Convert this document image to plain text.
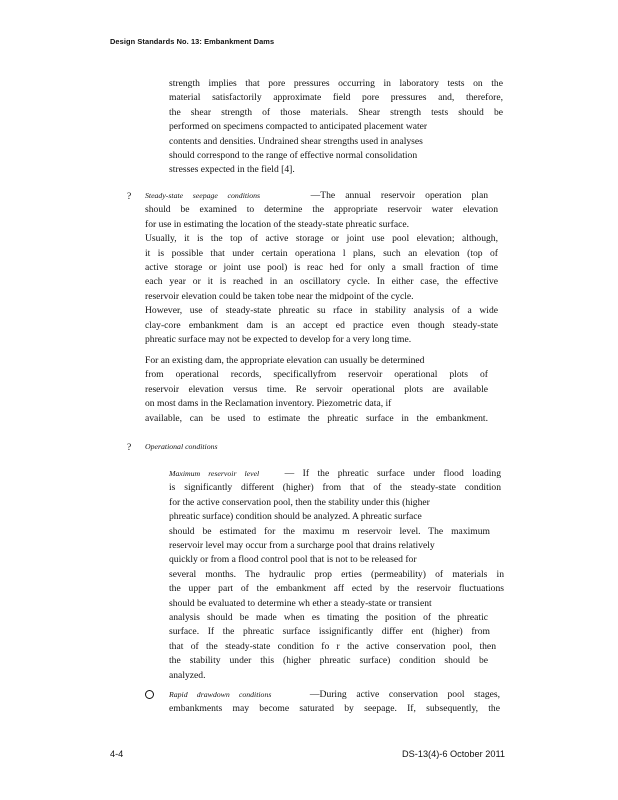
Design Standards No. 13: Embankment Dams
strength implies that pore pressures occurring in laboratory tests on the
material satisfactorily approximate field pore pressures and, therefore,
the shear strength of those materials. Shear strength tests should be
performed on specimens compacted to anticipated placement water
contents and densities. Undrained shear strengths used in analyses
should correspond to the range of effective normal consolidation
stresses expected in the field [4].
? Steady-state seepage conditions	—The annual reservoir operation plan
should be examined to determine the appropriate reservoir water elevation
for use in estimating the location of the steady-state phreatic surface.
Usually, it is the top of active storage or joint use pool elevation; although,
it is possible that under certain operationa l plans, such an elevation (top of
active storage or joint use pool) is reac hed for only a small fraction of time
each year or it is reached in an oscillatory cycle. In either case, the effective
reservoir elevation could be taken tobe near the midpoint of the cycle.
However, use of steady-state phreatic su rface in stability analysis of a wide
clay-core embankment dam is an accept ed practice even though steady-state
phreatic surface may not be expected to develop for a very long time.
For an existing dam, the appropriate elevation can usually be determined
from operational records, specificallyfrom reservoir operational plots of
reservoir elevation versus time. Re servoir operational plots are available
on most dams in the Reclamation inventory. Piezometric data, if
available, can be used to estimate the phreatic surface in the embankment.
? Operational conditions
Maximum reservoir level	— If the phreatic surface under flood loading
is significantly different (higher) from that of the steady-state condition
for the active conservation pool, then the stability under this (higher
phreatic surface) condition should be analyzed. A phreatic surface
should be estimated for the maximu m reservoir level. The maximum
reservoir level may occur from a surcharge pool that drains relatively
quickly or from a flood control pool that is not to be released for
several months. The hydraulic prop erties (permeability) of materials in
the upper part of the embankment aff ected by the reservoir fluctuations
should be evaluated to determine wh ether a steady-state or transient
analysis should be made when es timating the position of the phreatic
surface. If the phreatic surface issignificantly differ ent (higher) from
that of the steady-state condition fo r the active conservation pool, then
the stability under this (higher phreatic surface) condition should be
analyzed.
Rapid drawdown conditions	—During active conservation pool stages,
embankments may become saturated by seepage. If, subsequently, the
4-4	DS-13(4)-6 October 2011
